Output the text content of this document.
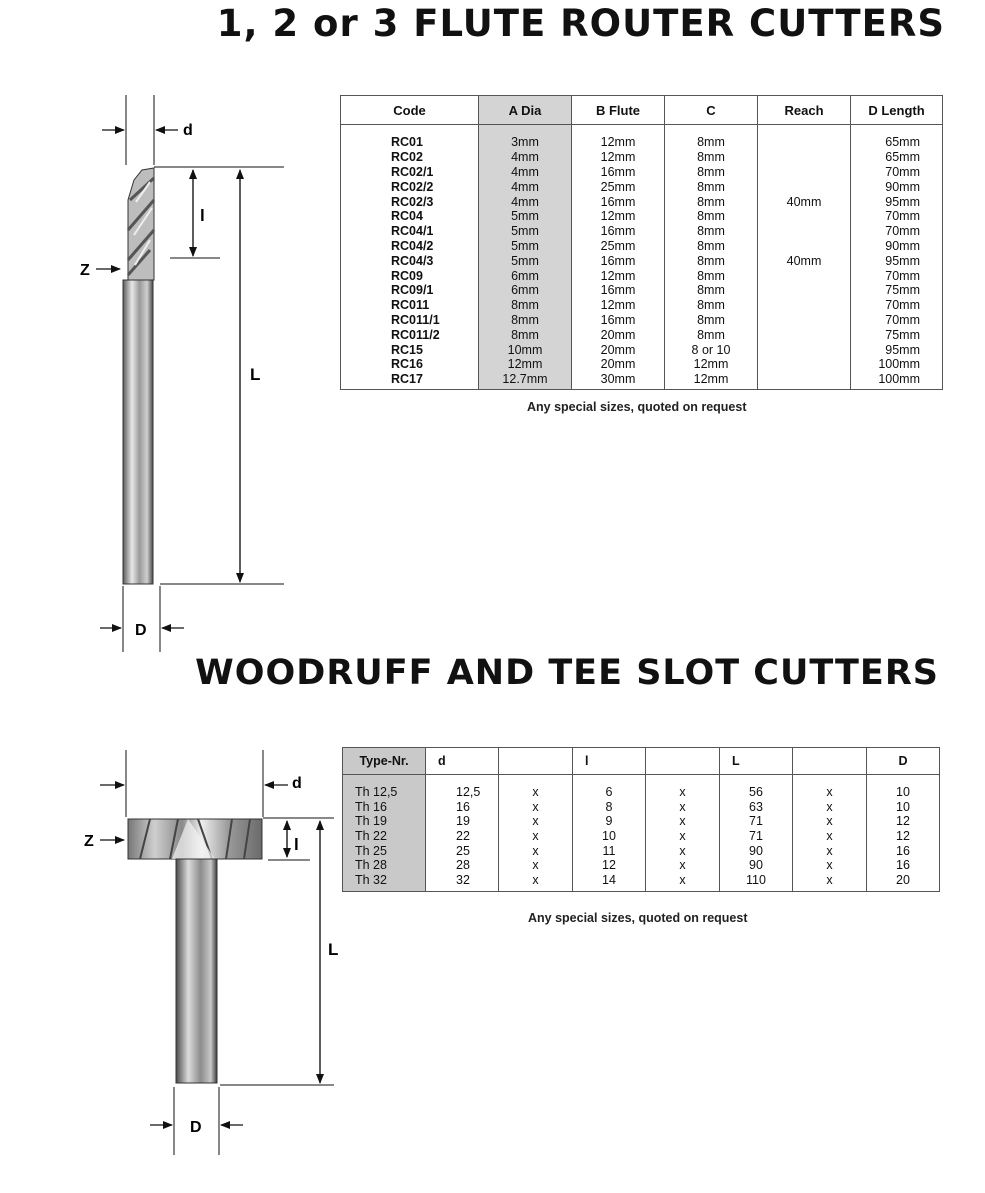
1, 2 or 3 FLUTE ROUTER CUTTERS
d
l
L
Z
D
Code	A Dia	B Flute	C	Reach	D Length
RC01	3mm	12mm	8mm		65mm
RC02	4mm	12mm	8mm		65mm
RC02/1	4mm	16mm	8mm		70mm
RC02/2	4mm	25mm	8mm		90mm
RC02/3	4mm	16mm	8mm	40mm	95mm
RC04	5mm	12mm	8mm		70mm
RC04/1	5mm	16mm	8mm		70mm
RC04/2	5mm	25mm	8mm		90mm
RC04/3	5mm	16mm	8mm	40mm	95mm
RC09	6mm	12mm	8mm		70mm
RC09/1	6mm	16mm	8mm		75mm
RC011	8mm	12mm	8mm		70mm
RC011/1	8mm	16mm	8mm		70mm
RC011/2	8mm	20mm	8mm		75mm
RC15	10mm	20mm	8 or 10		95mm
RC16	12mm	20mm	12mm		100mm
RC17	12.7mm	30mm	12mm		100mm
Any special sizes, quoted on request
WOODRUFF AND TEE SLOT CUTTERS
d
l
L
Z
D
Type-Nr.	d		l		L		D
Th 12,5	12,5	x	6	x	56	x	10
Th 16	16	x	8	x	63	x	10
Th 19	19	x	9	x	71	x	12
Th 22	22	x	10	x	71	x	12
Th 25	25	x	11	x	90	x	16
Th 28	28	x	12	x	90	x	16
Th 32	32	x	14	x	110	x	20
Any special sizes, quoted on request
